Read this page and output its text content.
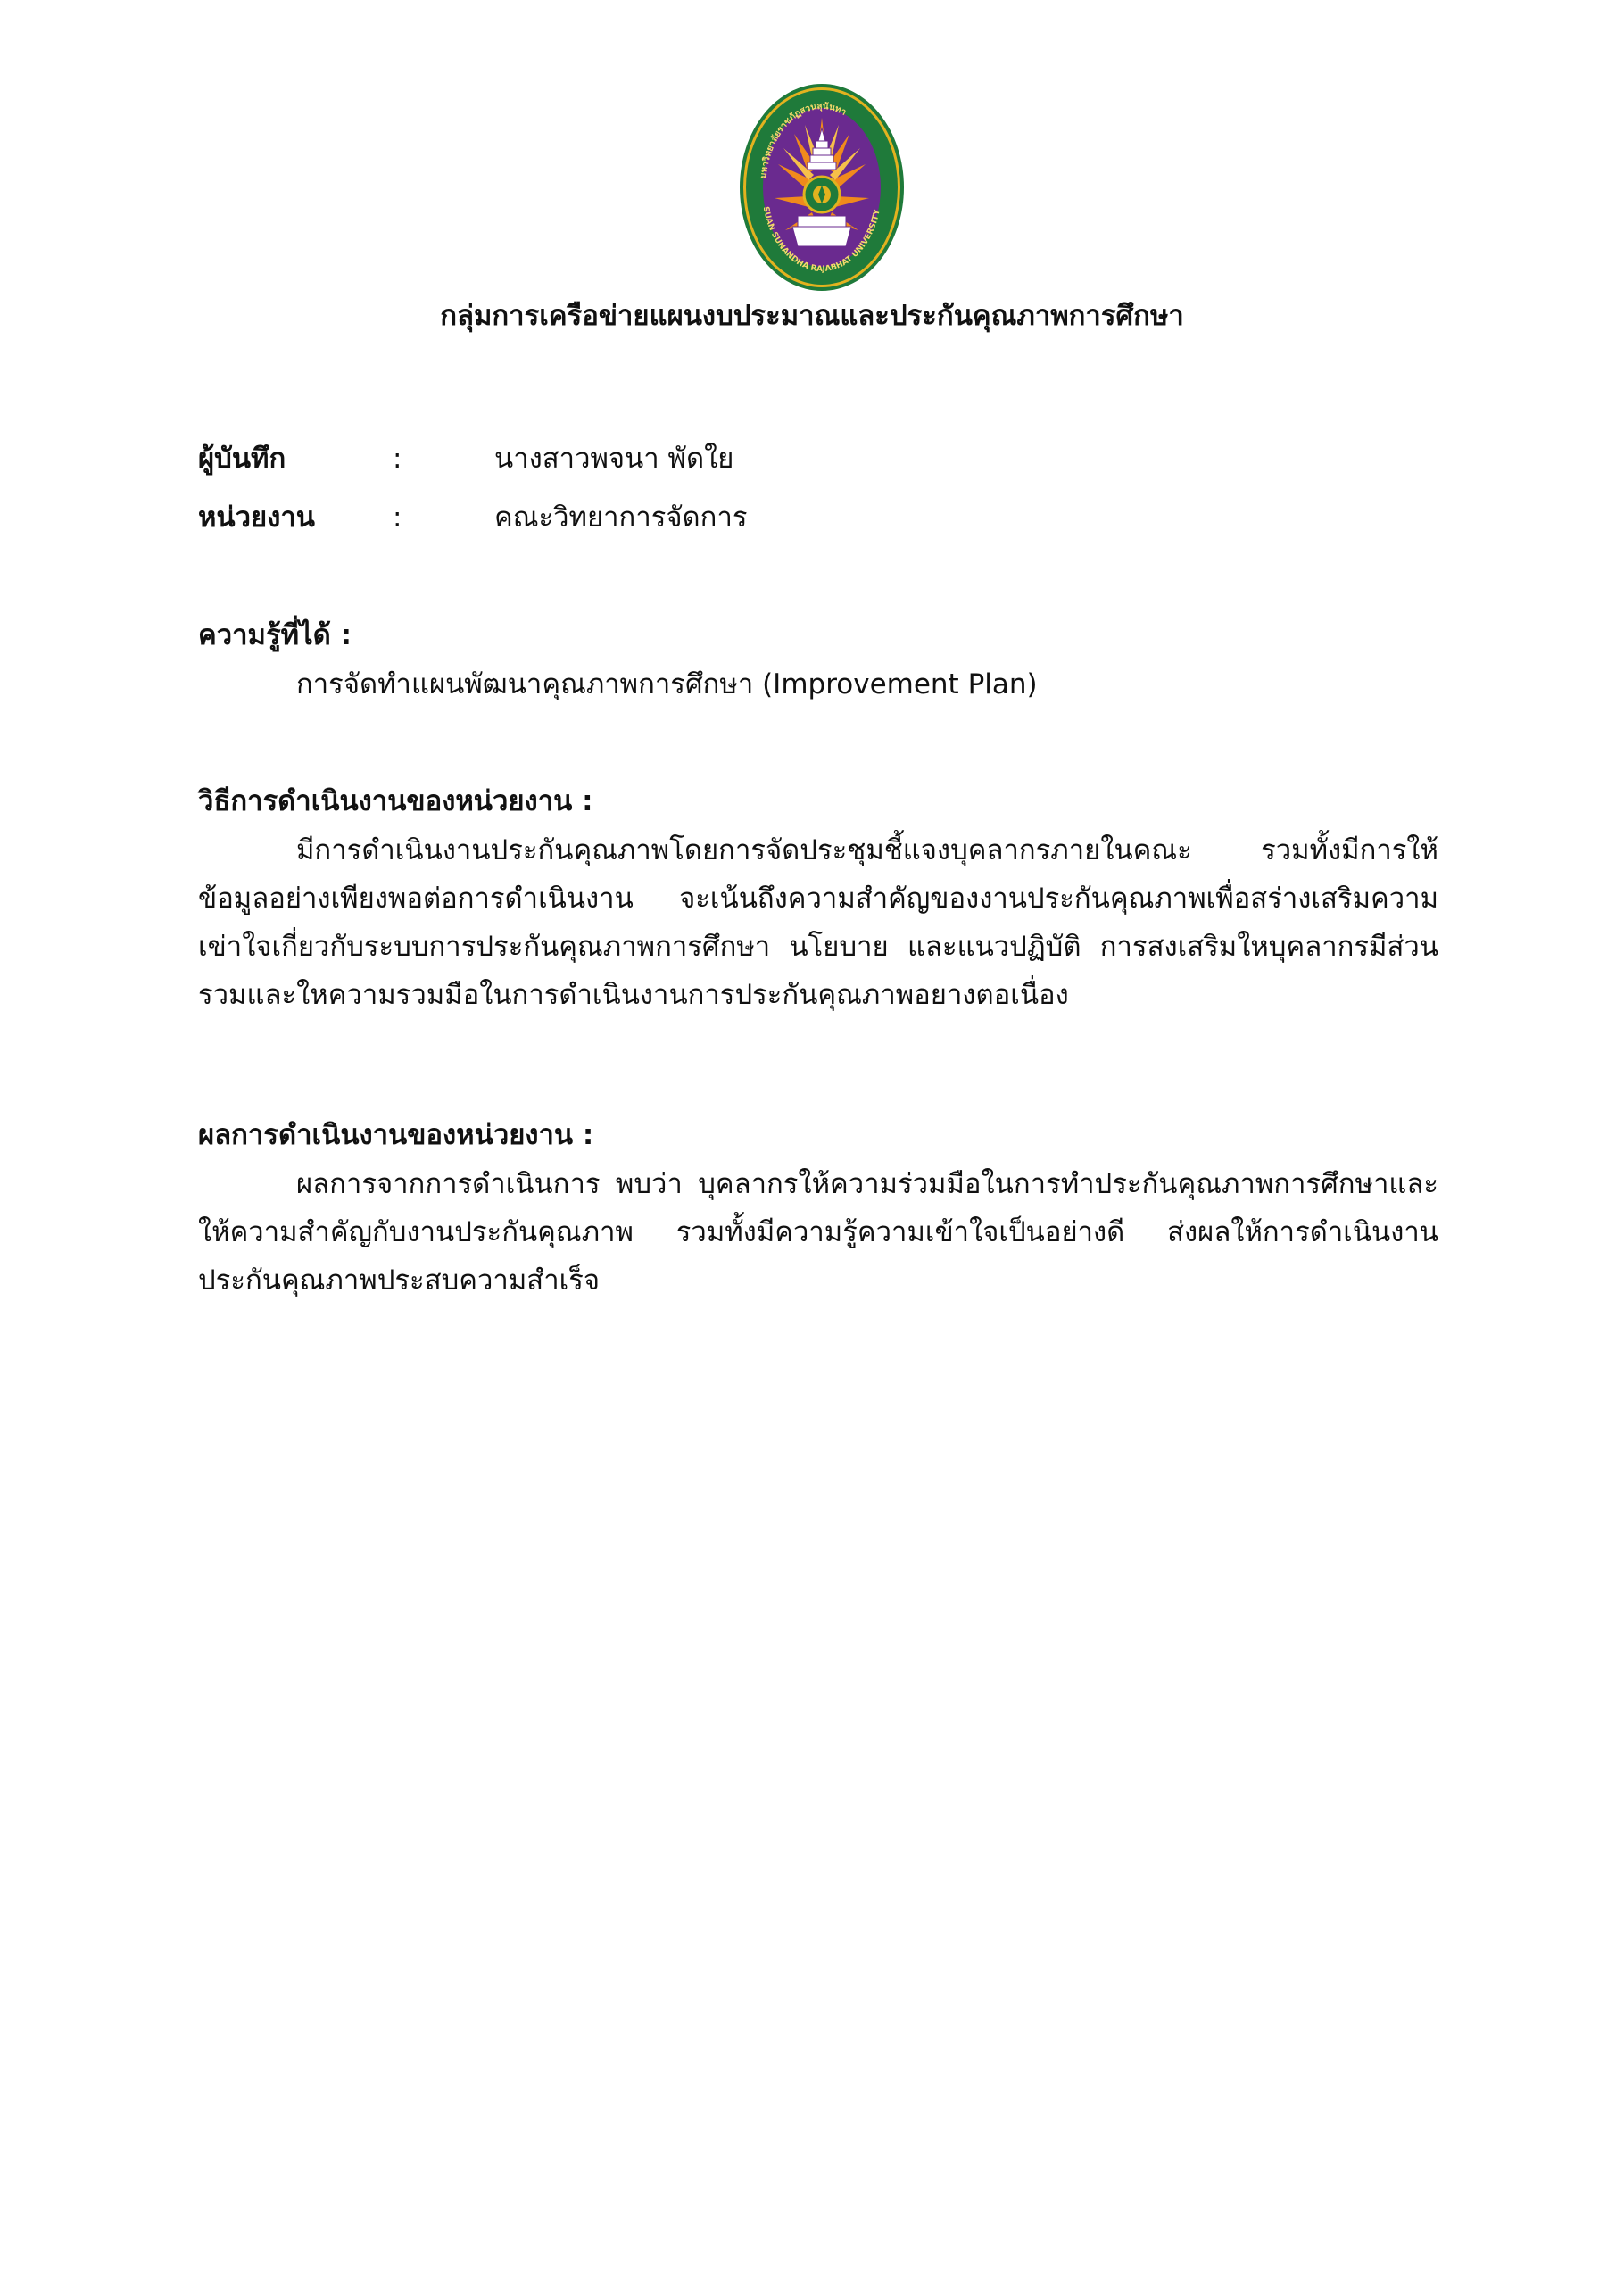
มหาวิทยาลัยราชภัฏสวนสุนันทา
SUAN SUNANDHA RAJABHAT UNIVERSITY
กลุ่มการเครือข่ายแผนงบประมาณและประกันคุณภาพการศึกษา
ผู้บันทึก	:	นางสาวพจนา พัดใย
หน่วยงาน	:	คณะวิทยาการจัดการ
ความรู้ที่ได้ :

การจัดทำแผนพัฒนาคุณภาพการศึกษา (Improvement Plan)

วิธีการดำเนินงานของหน่วยงาน :

มีการดำเนินงานประกันคุณภาพโดยการจัดประชุมชี้แจงบุคลากรภายในคณะ รวมทั้งมีการให้ข้อมูลอย่างเพียงพอต่อการดำเนินงาน จะเน้นถึงความสำคัญของงานประกันคุณภาพเพื่อสร่างเสริมความเข่าใจเกี่ยวกับระบบการประกันคุณภาพการศึกษา นโยบาย และแนวปฏิบัติ การสงเสริมใหบุคลากรมีส่วนรวมและใหความรวมมือในการดำเนินงานการประกันคุณภาพอยางตอเนื่อง

ผลการดำเนินงานของหน่วยงาน :

ผลการจากการดำเนินการ พบว่า บุคลากรให้ความร่วมมือในการทำประกันคุณภาพการศึกษาและให้ความสำคัญกับงานประกันคุณภาพ รวมทั้งมีความรู้ความเข้าใจเป็นอย่างดี ส่งผลให้การดำเนินงานประกันคุณภาพประสบความสำเร็จ
